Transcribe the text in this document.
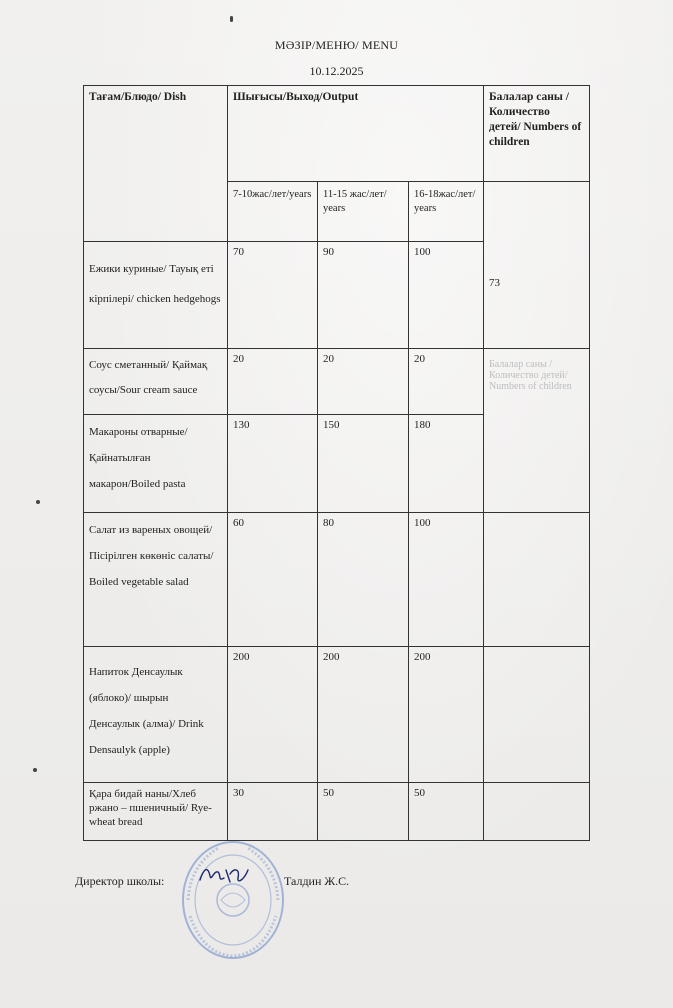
МӘЗІР/МЕНЮ/ MENU
10.12.2025
Тағам/Блюдо/ Dish	Шығысы/Выход/Output			Балалар саны /Количество детей/ Numbers of children
	7-10жас/лет/years	11-15 жас/лет/ years	16-18жас/лет/ years	73
Ежики куриные/ Тауық еті кірпілері/ chicken hedgehogs	70	90	100	
Соус сметанный/ Қаймақ соусы/Sour cream sauce	20	20	20	Балалар саны /Количество детей/ Numbers of children
Макароны отварные/ Қайнатылған макарон/Boiled pasta	130	150	180	
Салат из вареных овощей/ Пісірілген көкөніс салаты/ Boiled vegetable salad	60	80	100	
Напиток Денсаулык (яблоко)/ шырын Денсаулык (алма)/ Drink Densaulyk (apple)	200	200	200	
Қара бидай наны/Хлеб ржано – пшеничный/ Rye-wheat bread	30	50	50	
Директор школы:	Талдин Ж.С.
